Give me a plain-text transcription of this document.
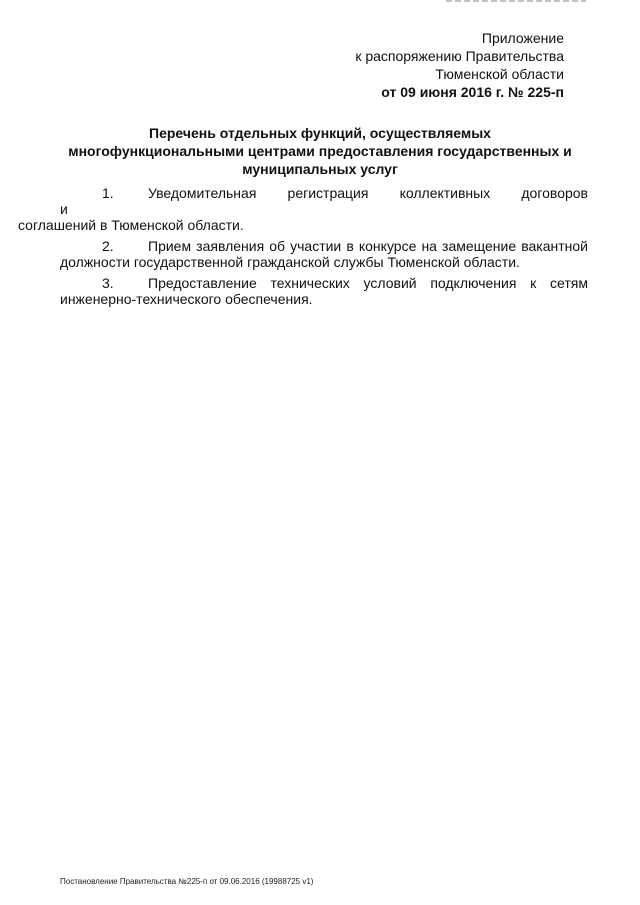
Приложение
к распоряжению Правительства
Тюменской области
от 09 июня 2016 г. № 225-п
Перечень отдельных функций, осуществляемых
многофункциональными центрами предоставления государственных и
муниципальных услуг
1. Уведомительная регистрация коллективных договоров и
соглашений в Тюменской области.
2. Прием заявления об участии в конкурсе на замещение вакантной должности государственной гражданской службы Тюменской области.
3. Предоставление технических условий подключения к сетям инженерно-технического обеспечения.
Постановление Правительства №225-п от 09.06.2016 (19988725 v1)
